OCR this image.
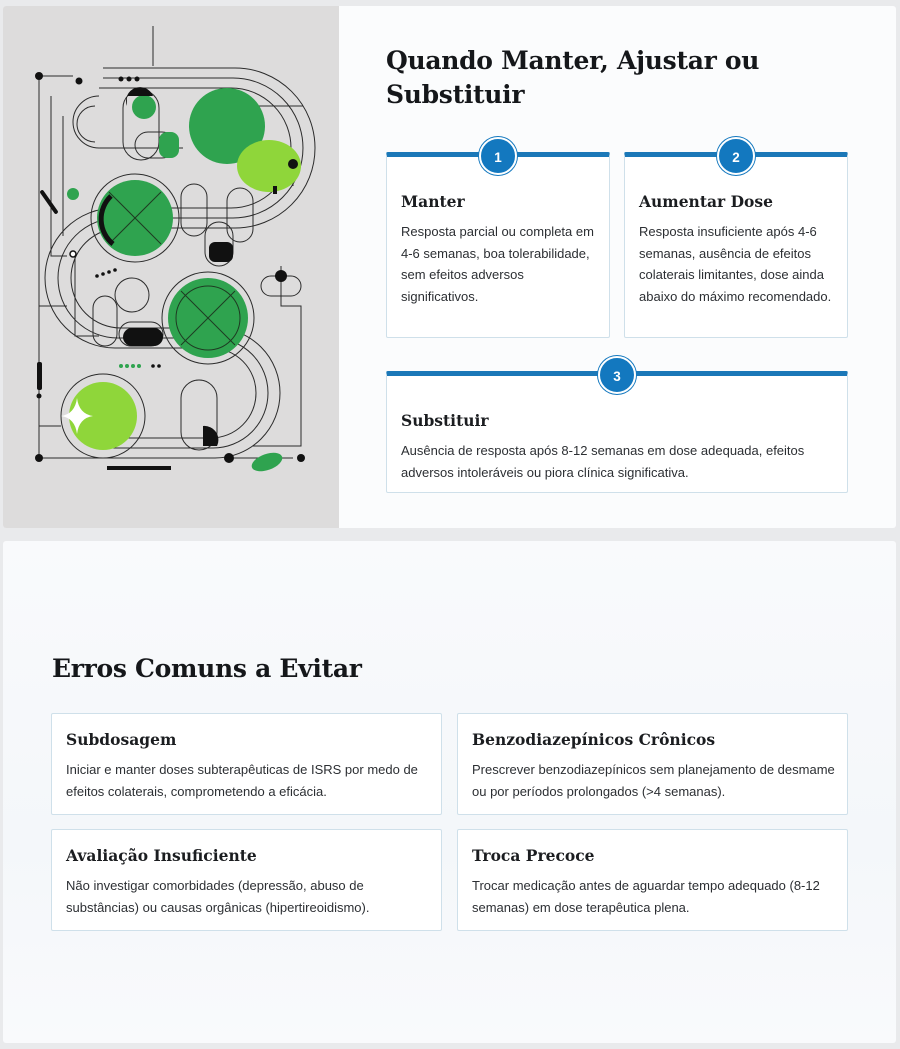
Quando Manter, Ajustar ou Substituir
Manter
Resposta parcial ou completa em 4-6 semanas, boa tolerabilidade, sem efeitos adversos significativos.
1
Aumentar Dose
Resposta insuficiente após 4-6 semanas, ausência de efeitos colaterais limitantes, dose ainda abaixo do máximo recomendado.
2
Substituir
Ausência de resposta após 8-12 semanas em dose adequada, efeitos adversos intoleráveis ou piora clínica significativa.
3
Erros Comuns a Evitar
Subdosagem
Iniciar e manter doses subterapêuticas de ISRS por medo de efeitos colaterais, comprometendo a eficácia.
Benzodiazepínicos Crônicos
Prescrever benzodiazepínicos sem planejamento de desmame ou por períodos prolongados (>4 semanas).
Avaliação Insuficiente
Não investigar comorbidades (depressão, abuso de substâncias) ou causas orgânicas (hipertireoidismo).
Troca Precoce
Trocar medicação antes de aguardar tempo adequado (8-12 semanas) em dose terapêutica plena.
